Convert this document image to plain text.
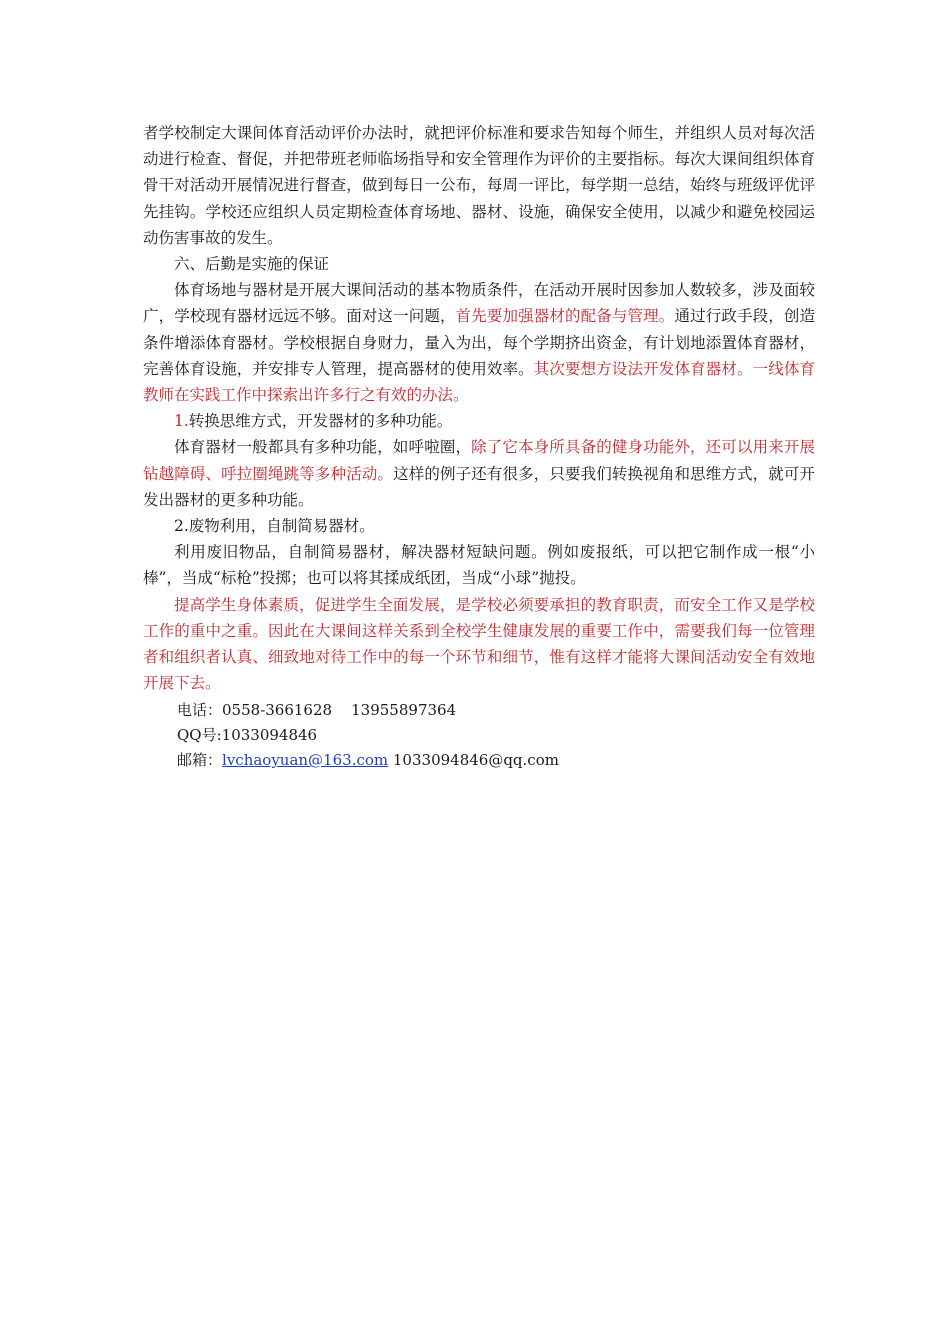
者学校制定大课间体育活动评价办法时，就把评价标准和要求告知每个师生，并组织人员对每次活动进行检查、督促，并把带班老师临场指导和安全管理作为评价的主要指标。每次大课间组织体育骨干对活动开展情况进行督查，做到每日一公布，每周一评比，每学期一总结，始终与班级评优评先挂钩。学校还应组织人员定期检查体育场地、器材、设施，确保安全使用，以减少和避免校园运动伤害事故的发生。

六、后勤是实施的保证

体育场地与器材是开展大课间活动的基本物质条件，在活动开展时因参加人数较多，涉及面较广，学校现有器材远远不够。面对这一问题，首先要加强器材的配备与管理。通过行政手段，创造条件增添体育器材。学校根据自身财力，量入为出，每个学期挤出资金，有计划地添置体育器材，完善体育设施，并安排专人管理，提高器材的使用效率。其次要想方设法开发体育器材。一线体育教师在实践工作中探索出许多行之有效的办法。

1.转换思维方式，开发器材的多种功能。

体育器材一般都具有多种功能，如呼啦圈，除了它本身所具备的健身功能外，还可以用来开展钻越障碍、呼拉圈绳跳等多种活动。这样的例子还有很多，只要我们转换视角和思维方式，就可开发出器材的更多种功能。

2.废物利用，自制简易器材。

利用废旧物品，自制简易器材，解决器材短缺问题。例如废报纸，可以把它制作成一根“小棒”，当成“标枪”投掷；也可以将其揉成纸团，当成“小球”抛投。

提高学生身体素质，促进学生全面发展，是学校必须要承担的教育职责，而安全工作又是学校工作的重中之重。因此在大课间这样关系到全校学生健康发展的重要工作中，需要我们每一位管理者和组织者认真、细致地对待工作中的每一个环节和细节，惟有这样才能将大课间活动安全有效地开展下去。

电话：0558-3661628    13955897364
QQ号:1033094846
邮箱：lvchaoyuan@163.com 1033094846@qq.com
